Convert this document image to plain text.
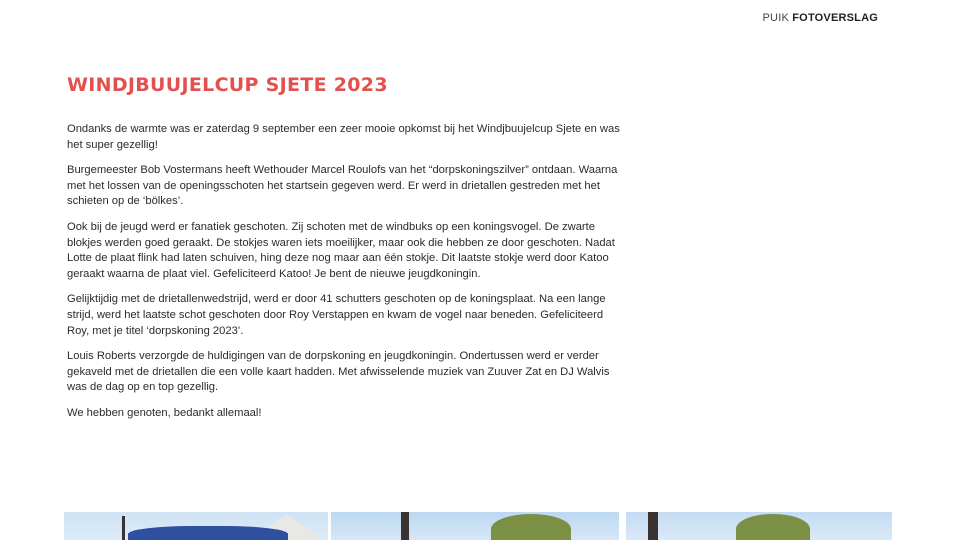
PUIK FOTOVERSLAG
WINDJBUUJELCUP SJETE 2023

Ondanks de warmte was er zaterdag 9 september een zeer mooie opkomst bij het Windjbuujelcup Sjete en was het super gezellig!

Burgemeester Bob Vostermans heeft Wethouder Marcel Roulofs van het “dorpskoningszilver” ontdaan. Waarna met het lossen van de openingsschoten het startsein gegeven werd. Er werd in drietallen gestreden met het schieten op de ‘bölkes’.

Ook bij de jeugd werd er fanatiek geschoten. Zij schoten met de windbuks op een koningsvogel. De zwarte blokjes werden goed geraakt. De stokjes waren iets moeilijker, maar ook die hebben ze door geschoten. Nadat Lotte de plaat flink had laten schuiven, hing deze nog maar aan één stokje. Dit laatste stokje werd door Katoo geraakt waarna de plaat viel. Gefeliciteerd Katoo! Je bent de nieuwe jeugdkoningin.

Gelijktijdig met de drietallenwedstrijd, werd er door 41 schutters geschoten op de koningsplaat. Na een lange strijd, werd het laatste schot geschoten door Roy Verstappen en kwam de vogel naar beneden. Gefeliciteerd Roy, met je titel ‘dorpskoning 2023’.

Louis Roberts verzorgde de huldigingen van de dorpskoning en jeugdkoningin. Ondertussen werd er verder gekaveld met de drietallen die een volle kaart hadden. Met afwisselende muziek van Zuuver Zat en DJ Walvis was de dag op en top gezellig.

We hebben genoten, bedankt allemaal!
